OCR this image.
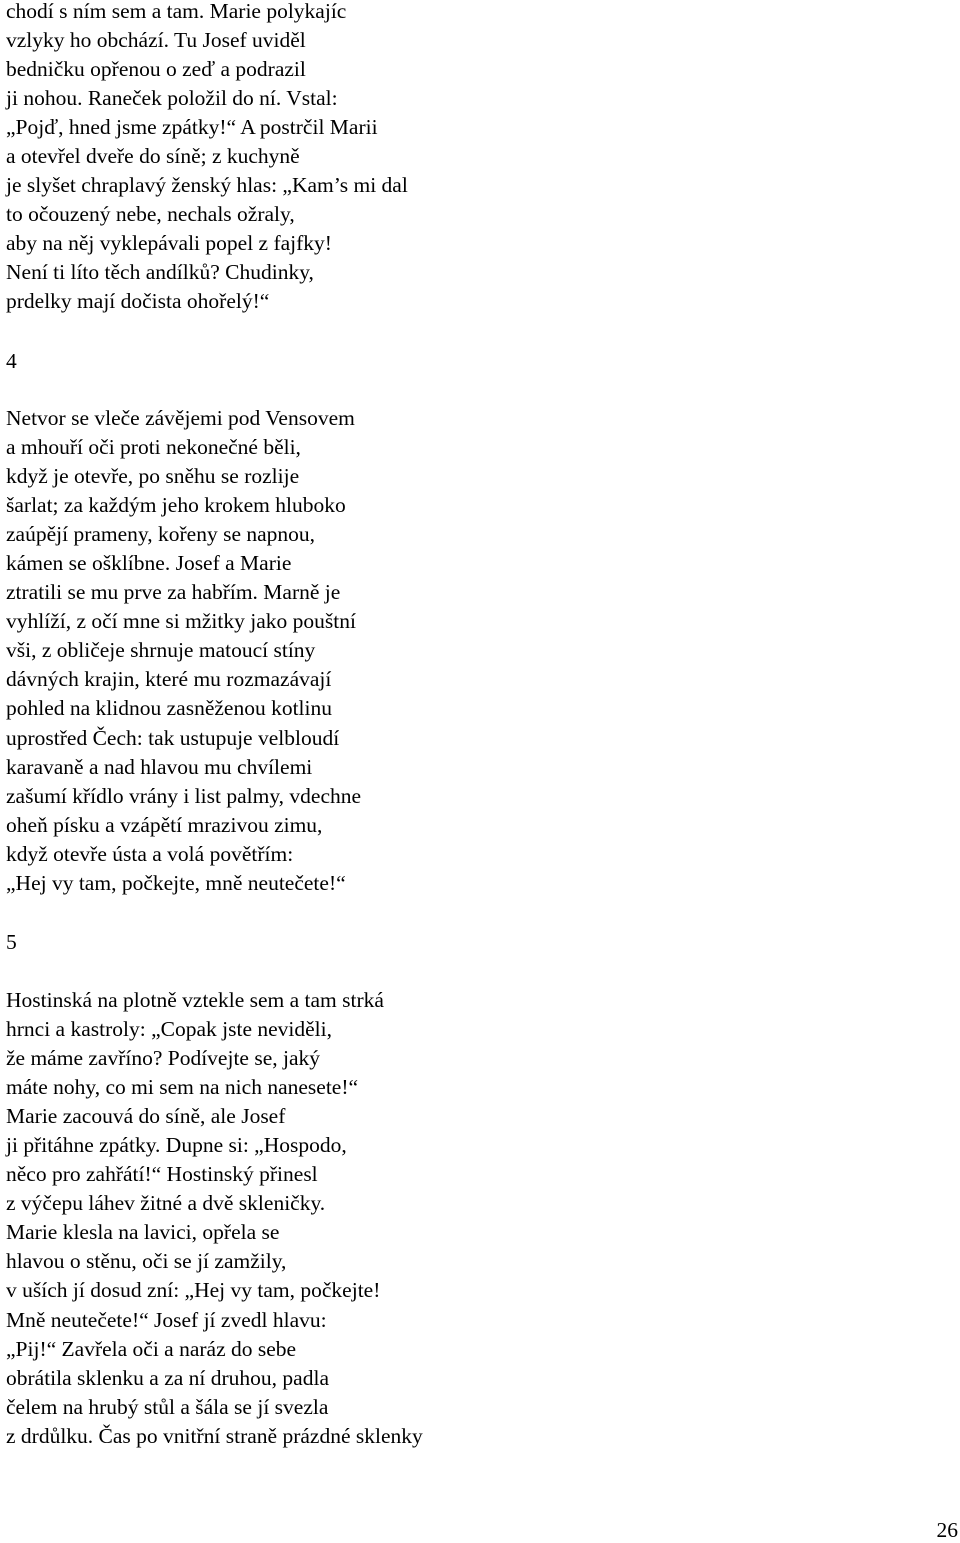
chodí s ním sem a tam. Marie polykajíc
vzlyky ho obchází. Tu Josef uviděl
bedničku opřenou o zeď a podrazil
ji nohou. Raneček položil do ní. Vstal:
„Pojď, hned jsme zpátky!“ A postrčil Marii
a otevřel dveře do síně; z kuchyně
je slyšet chraplavý ženský hlas: „Kam’s mi dal
to očouzený nebe, nechals ožraly,
aby na něj vyklepávali popel z fajfky!
Není ti líto těch andílků? Chudinky,
prdelky mají dočista ohořelý!“

4

Netvor se vleče závějemi pod Vensovem
a mhouří oči proti nekonečné běli,
když je otevře, po sněhu se rozlije
šarlat; za každým jeho krokem hluboko
zaúpějí prameny, kořeny se napnou,
kámen se ošklíbne. Josef a Marie
ztratili se mu prve za habřím. Marně je
vyhlíží, z očí mne si mžitky jako pouštní
vši, z obličeje shrnuje matoucí stíny
dávných krajin, které mu rozmazávají
pohled na klidnou zasněženou kotlinu
uprostřed Čech: tak ustupuje velbloudí
karavaně a nad hlavou mu chvílemi
zašumí křídlo vrány i list palmy, vdechne
oheň písku a vzápětí mrazivou zimu,
když otevře ústa a volá povětřím:
„Hej vy tam, počkejte, mně neutečete!“

5

Hostinská na plotně vztekle sem a tam strká
hrnci a kastroly: „Copak jste neviděli,
že máme zavříno? Podívejte se, jaký
máte nohy, co mi sem na nich nanesete!“
Marie zacouvá do síně, ale Josef
ji přitáhne zpátky. Dupne si: „Hospodo,
něco pro zahřátí!“ Hostinský přinesl
z výčepu láhev žitné a dvě skleničky.
Marie klesla na lavici, opřela se
hlavou o stěnu, oči se jí zamžily,
v uších jí dosud zní: „Hej vy tam, počkejte!
Mně neutečete!“ Josef jí zvedl hlavu:
„Pij!“ Zavřela oči a naráz do sebe
obrátila sklenku a za ní druhou, padla
čelem na hrubý stůl a šála se jí svezla
z drdůlku. Čas po vnitřní straně prázdné sklenky

26
